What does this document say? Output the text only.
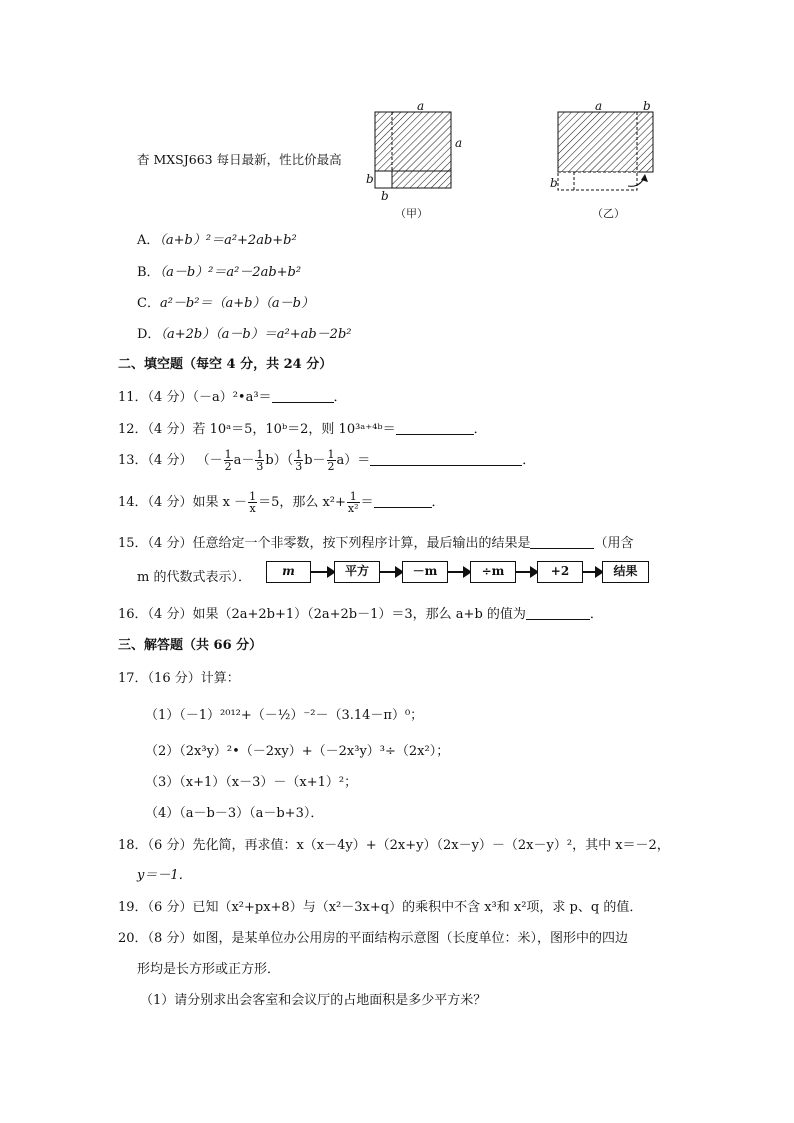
杳 MXSJ663 每日最新，性比价最高
a
a
b
b
（甲）
a	b
b
（乙）
A．（a+b）²＝a²+2ab+b²
B．（a－b）²＝a²－2ab+b²
C．a²－b²＝（a+b）（a－b）
D．（a+2b）（a－b）＝a²+ab－2b²
二、填空题（每空 4 分，共 24 分）
11．（4 分）（－a）²•a³＝	．
12．（4 分）若 10ᵃ＝5，10ᵇ＝2，则 10³ᵃ⁺⁴ᵇ＝	．
13．（4 分） （－ $\frac{1}{2} a- \frac{1}{3} b)( \frac{1}{3} b- \frac{1}{2} a)=$	．
14．（4 分）如果 $x - \frac{1}{x} =5$，那么 $x^2+ \frac{1}{\text{x²}}$ ＝	．
15．（4 分）任意给定一个非零数，按下列程序计算，最后输出的结果是	（用含
m 的代数式表示）．	m	平方	－m	÷m	+2	结果
16．（4 分）如果（2a+2b+1）（2a+2b－1）＝3，那么 a+b 的值为	．
三、解答题（共 66 分）
17．（16 分）计算：
（1）（－1）²⁰¹²+（－½）⁻²－（3.14－π）⁰；
（2）（2x³y）²•（－2xy）+（－2x³y）³÷（2x²）；
（3）（x+1）（x－3）－（x+1）²；
（4）（a－b－3）（a－b+3）．
18．（6 分）先化简，再求值：x（x－4y）+（2x+y）（2x－y）－（2x－y）²，其中 x＝－2，
y＝－1．
19．（6 分）已知（x²+px+8）与（x²－3x+q）的乘积中不含 x³和 x²项，求 p、q 的值．
20．（8 分）如图，是某单位办公用房的平面结构示意图（长度单位：米），图形中的四边
形均是长方形或正方形．
（1）请分别求出会客室和会议厅的占地面积是多少平方米？
